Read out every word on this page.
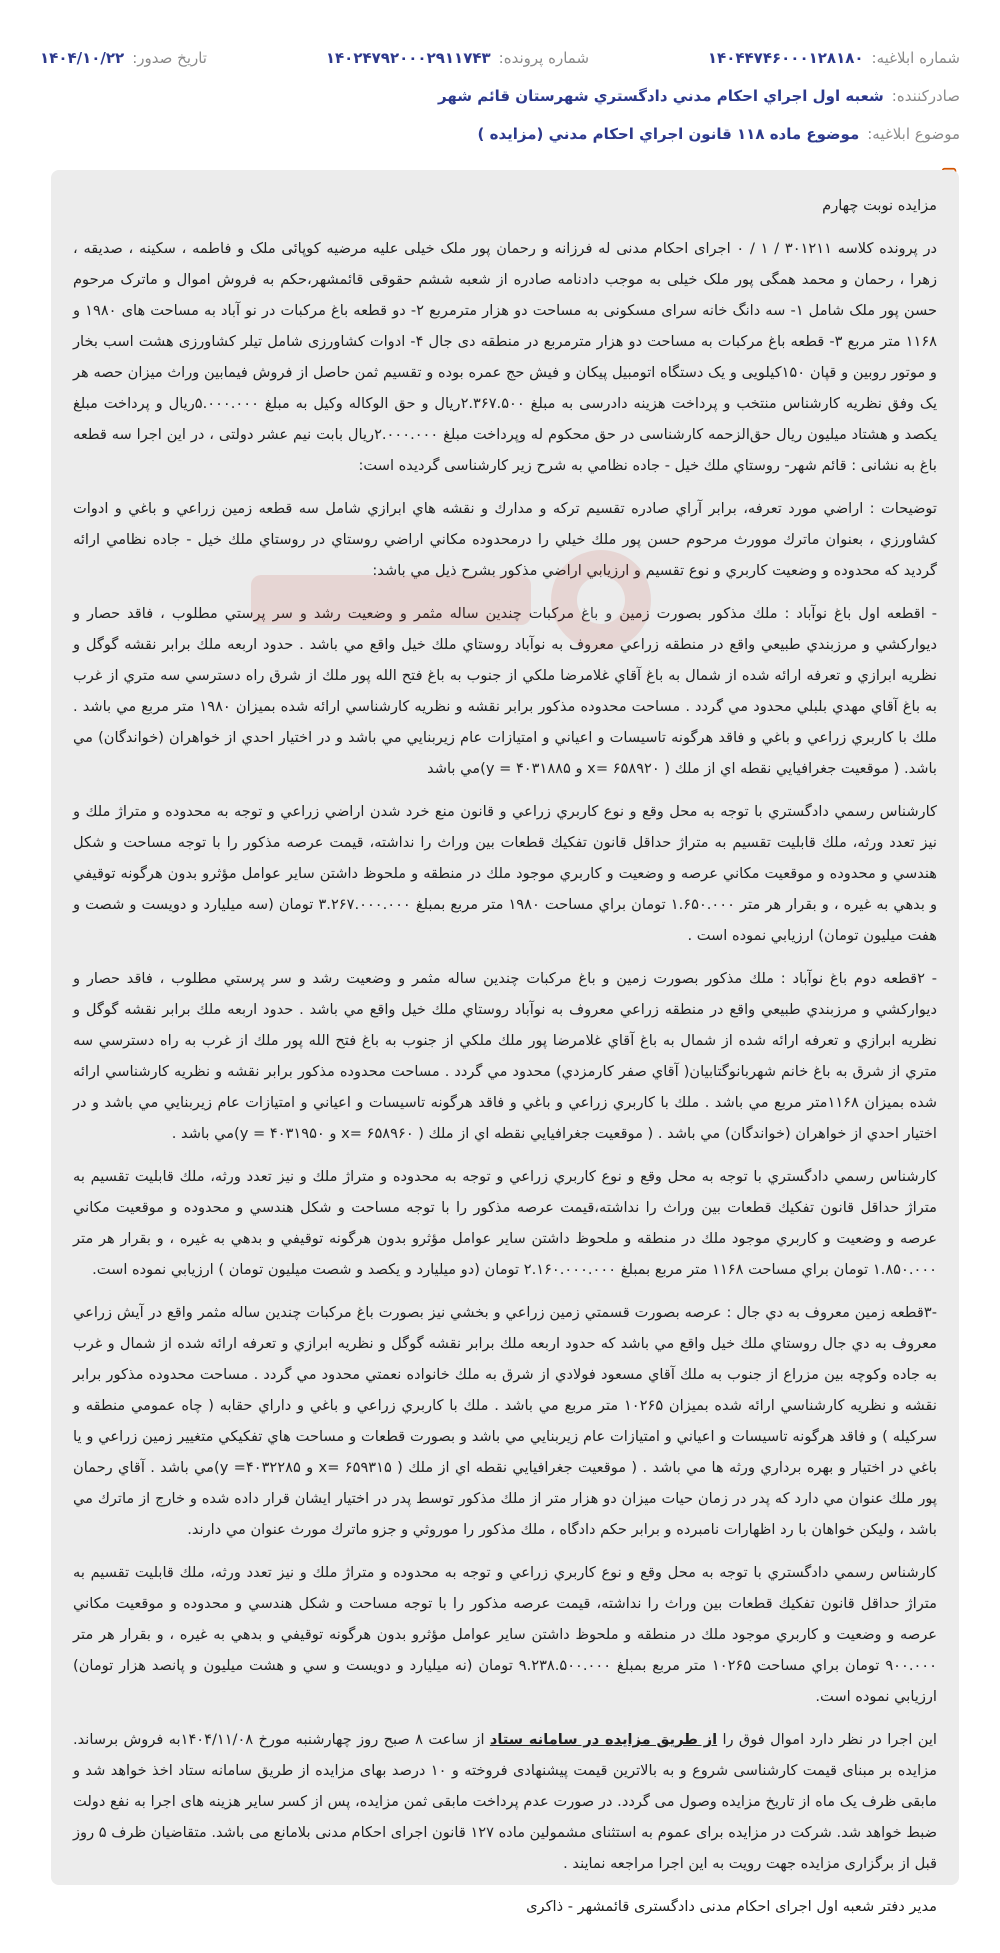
شماره ابلاغیه:
۱۴۰۴۴۷۴۶۰۰۰۱۲۸۱۸۰
شماره پرونده:
۱۴۰۲۴۷۹۲۰۰۰۲۹۱۱۷۴۳
تاریخ صدور:
۱۴۰۴/۱۰/۲۲
صادرکننده:
شعبه اول اجراي احكام مدني دادگستري شهرستان قائم شهر
موضوع ابلاغیه:
موضوع ماده ۱۱۸ قانون اجراي احكام مدني (مزايده )

مزایده نوبت چهارم

در پرونده کلاسه ۳۰۱۲۱۱ / ۱ / ۰ اجرای احکام مدنی له فرزانه و رحمان پور ملک خیلی علیه مرضیه کوپائی ملک و فاطمه ، سکینه ، صدیقه ، زهرا ، رحمان و محمد همگی پور ملک خیلی به موجب دادنامه صادره از شعبه ششم حقوقی قائمشهر،حکم به فروش اموال و ماترک مرحوم حسن پور ملک شامل ۱- سه دانگ خانه سرای مسکونی به مساحت دو هزار مترمربع ۲- دو قطعه باغ مرکبات در نو آباد به مساحت های ۱۹۸۰ و ۱۱۶۸ متر مربع ۳- قطعه باغ مرکبات به مساحت دو هزار مترمربع در منطقه دی جال ۴- ادوات کشاورزی شامل تیلر کشاورزی هشت اسب بخار و موتور روبین و قپان ۱۵۰کیلویی و یک دستگاه اتومبیل پیکان و فیش حج عمره بوده و تقسیم ثمن حاصل از فروش فیمابین وراث میزان حصه هر یک وفق نظریه کارشناس منتخب و پرداخت هزینه دادرسی به مبلغ ۲.۳۶۷.۵۰۰ریال و حق الوکاله وکیل به مبلغ ۵.۰۰۰.۰۰۰ریال و پرداخت مبلغ یکصد و هشتاد میلیون ریال حق‌الزحمه کارشناسی در حق محکوم له وپرداخت مبلغ ۲.۰۰۰.۰۰۰ریال بابت نیم عشر دولتی ، در این اجرا سه قطعه باغ به نشانی : قائم شهر- روستاي ملك خيل - جاده نظامي به شرح زیر کارشناسی گردیده است:

توضيحات : اراضي مورد تعرفه، برابر آراي صادره تقسيم تركه و مدارك و نقشه هاي ابرازي شامل سه قطعه زمين زراعي و باغي و ادوات كشاورزي ، بعنوان ماترك موورث مرحوم حسن پور ملك خيلي را درمحدوده مكاني اراضي روستاي در روستاي ملك خيل - جاده نظامي ارائه گرديد كه محدوده و وضعيت كاربري و نوع تقسيم و ارزيابي اراضي مذكور بشرح ذيل مي باشد:

- اقطعه اول باغ نوآباد : ملك مذكور بصورت زمين و باغ مركبات چندين ساله مثمر و وضعيت رشد و سر پرستي مطلوب ، فاقد حصار و ديواركشي و مرزبندي طبيعي واقع در منطقه زراعي معروف به نوآباد روستاي ملك خيل واقع مي باشد . حدود اربعه ملك برابر نقشه گوگل و نظريه ابرازي و تعرفه ارائه شده از شمال به باغ آقاي غلامرضا ملكي از جنوب به باغ فتح الله پور ملك از شرق راه دسترسي سه متري از غرب به باغ آقاي مهدي بلبلي محدود مي گردد . مساحت محدوده مذكور برابر نقشه و نظريه كارشناسي ارائه شده بميزان ۱۹۸۰ متر مربع مي باشد . ملك با كاربري زراعي و باغي و فاقد هرگونه تاسيسات و اعياني و امتيازات عام زيربنايي مي باشد و در اختيار احدي از خواهران (خواندگان) مي باشد. ( موقعيت جغرافيايي نقطه اي از ملك ( ۶۵۸۹۲۰ =x و ۴۰۳۱۸۸۵ = y)مي باشد

كارشناس رسمي دادگستري با توجه به محل وقع و نوع كاربري زراعي و قانون منع خرد شدن اراضي زراعي و توجه به محدوده و متراژ ملك و نيز تعدد ورثه، ملك قابليت تقسيم به متراژ حداقل قانون تفكيك قطعات بين وراث را نداشته، قيمت عرصه مذكور را با توجه مساحت و شكل هندسي و محدوده و موقعيت مكاني عرصه و وضعيت و كاربري موجود ملك در منطقه و ملحوظ داشتن ساير عوامل مؤثرو بدون هرگونه توقيفي و بدهي به غيره ، و بقرار هر متر ۱.۶۵۰.۰۰۰ تومان براي مساحت ۱۹۸۰ متر مربع بمبلغ ۳.۲۶۷.۰۰۰.۰۰۰ تومان (سه ميليارد و دويست و شصت و هفت ميليون تومان) ارزيابي نموده است .

- ۲قطعه دوم باغ نوآباد : ملك مذكور بصورت زمين و باغ مركبات چندين ساله مثمر و وضعيت رشد و سر پرستي مطلوب ، فاقد حصار و ديواركشي و مرزبندي طبيعي واقع در منطقه زراعي معروف به نوآباد روستاي ملك خيل واقع مي باشد . حدود اربعه ملك برابر نقشه گوگل و نظريه ابرازي و تعرفه ارائه شده از شمال به باغ آقاي غلامرضا پور ملك ملكي از جنوب به باغ فتح الله پور ملك از غرب به راه دسترسي سه متري از شرق به باغ خانم شهربانوگتابيان( آقاي صفر كارمزدي) محدود مي گردد . مساحت محدوده مذكور برابر نقشه و نظريه كارشناسي ارائه شده بميزان ۱۱۶۸متر مربع مي باشد . ملك با كاربري زراعي و باغي و فاقد هرگونه تاسيسات و اعياني و امتيازات عام زيربنايي مي باشد و در اختيار احدي از خواهران (خواندگان) مي باشد . ( موقعيت جغرافيايي نقطه اي از ملك ( ۶۵۸۹۶۰ =x و ۴۰۳۱۹۵۰ = y)مي باشد .

كارشناس رسمي دادگستري با توجه به محل وقع و نوع كاربري زراعي و توجه به محدوده و متراژ ملك و نيز تعدد ورثه، ملك قابليت تقسيم به متراژ حداقل قانون تفكيك قطعات بين وراث را نداشته،قيمت عرصه مذكور را با توجه مساحت و شكل هندسي و محدوده و موقعيت مكاني عرصه و وضعيت و كاربري موجود ملك در منطقه و ملحوظ داشتن ساير عوامل مؤثرو بدون هرگونه توقيفي و بدهي به غيره ، و بقرار هر متر ۱.۸۵۰.۰۰۰ تومان براي مساحت ۱۱۶۸ متر مربع بمبلغ ۲.۱۶۰.۰۰۰.۰۰۰ تومان (دو ميليارد و يكصد و شصت ميليون تومان ) ارزيابي نموده است.

-۳قطعه زمين معروف به دي جال : عرصه بصورت قسمتي زمين زراعي و بخشي نيز بصورت باغ مركبات چندين ساله مثمر واقع در آيش زراعي معروف به دي جال روستاي ملك خيل واقع مي باشد كه حدود اربعه ملك برابر نقشه گوگل و نظريه ابرازي و تعرفه ارائه شده از شمال و غرب به جاده وكوچه بين مزراع از جنوب به ملك آقاي مسعود فولادي از شرق به ملك خانواده نعمتي محدود مي گردد . مساحت محدوده مذكور برابر نقشه و نظريه كارشناسي ارائه شده بميزان ۱۰۲۶۵ متر مربع مي باشد . ملك با كاربري زراعي و باغي و داراي حقابه ( چاه عمومي منطقه و سركيله ) و فاقد هرگونه تاسيسات و اعياني و امتيازات عام زيربنايي مي باشد و بصورت قطعات و مساحت هاي تفكيكي متغيير زمين زراعي و يا باغي در اختيار و بهره برداري ورثه ها مي باشد . ( موقعيت جغرافيايي نقطه اي از ملك ( ۶۵۹۳۱۵ =x و ۴۰۳۲۲۸۵= y)مي باشد . آقاي رحمان پور ملك عنوان مي دارد كه پدر در زمان حيات ميزان دو هزار متر از ملك مذكور توسط پدر در اختيار ايشان قرار داده شده و خارج از ماترك مي باشد ، وليكن خواهان با رد اظهارات نامبرده و برابر حكم دادگاه ، ملك مذكور را موروثي و جزو ماترك مورث عنوان مي دارند.

كارشناس رسمي دادگستري با توجه به محل وقع و نوع كاربري زراعي و توجه به محدوده و متراژ ملك و نيز تعدد ورثه، ملك قابليت تقسيم به متراژ حداقل قانون تفكيك قطعات بين وراث را نداشته، قيمت عرصه مذكور را با توجه مساحت و شكل هندسي و محدوده و موقعيت مكاني عرصه و وضعيت و كاربري موجود ملك در منطقه و ملحوظ داشتن ساير عوامل مؤثرو بدون هرگونه توقيفي و بدهي به غيره ، و بقرار هر متر ۹۰۰.۰۰۰ تومان براي مساحت ۱۰۲۶۵ متر مربع بمبلغ ۹.۲۳۸.۵۰۰.۰۰۰ تومان (نه ميليارد و دويست و سي و هشت ميليون و پانصد هزار تومان) ارزيابي نموده است.

این اجرا در نظر دارد اموال فوق را از طریق مزایده در سامانه ستاد از ساعت ۸ صبح روز چهارشنبه مورخ ۱۴۰۴/۱۱/۰۸به فروش برساند. مزایده بر مبنای قیمت کارشناسی شروع و به بالاترین قیمت پیشنهادی فروخته و ۱۰ درصد بهای مزایده از طریق سامانه ستاد اخذ خواهد شد و مابقی ظرف یک ماه از تاریخ مزایده وصول می گردد. در صورت عدم پرداخت مابقی ثمن مزایده، پس از کسر سایر هزینه های اجرا به نفع دولت ضبط خواهد شد. شرکت در مزایده برای عموم به استثنای مشمولین ماده ۱۲۷ قانون اجرای احکام مدنی بلامانع می باشد. متقاضیان ظرف ۵ روز قبل از برگزاری مزایده جهت رویت به این اجرا مراجعه نمایند .

مدیر دفتر شعبه اول اجرای احکام مدنی دادگستری قائمشهر - ذاکری
